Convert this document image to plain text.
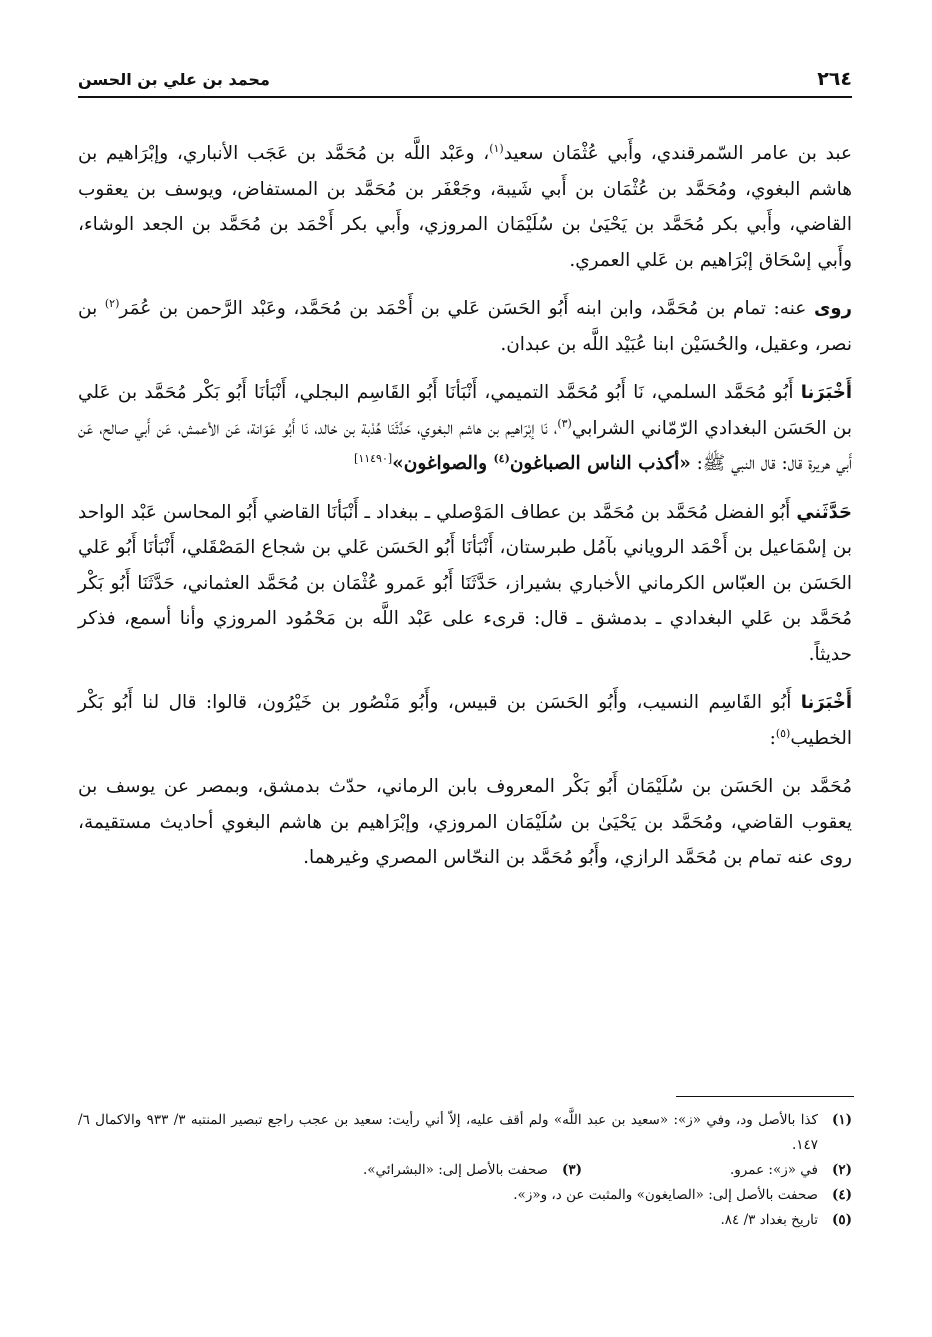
٢٦٤
محمد بن علي بن الحسن

عبد بن عامر السّمرقندي، وأَبي عُثْمَان سعيد$^{(١)}$، وعَبْد اللَّه بن مُحَمَّد بن عَجَب الأنباري، وإبْرَاهيم بن هاشم البغوي، ومُحَمَّد بن عُثْمَان بن أَبي شَيبة، وجَعْفَر بن مُحَمَّد بن المستفاض، ويوسف بن يعقوب القاضي، وأَبي بكر مُحَمَّد بن يَحْيَىٰ بن سُلَيْمَان المروزي، وأَبي بكر أَحْمَد بن مُحَمَّد بن الجعد الوشاء، وأَبي إسْحَاق إبْرَاهيم بن عَلي العمري.

روى عنه: تمام بن مُحَمَّد، وابن ابنه أَبُو الحَسَن عَلي بن أَحْمَد بن مُحَمَّد، وعَبْد الرَّحمن بن عُمَر$^{(٢)}$ بن نصر، وعقيل، والحُسَيْن ابنا عُبَيْد اللَّه بن عبدان.

أَخْبَرَنا أَبُو مُحَمَّد السلمي، نَا أَبُو مُحَمَّد التميمي، أَنْبَأنَا أَبُو القَاسِم البجلي، أَنْبَأنَا أَبُو بَكْر مُحَمَّد بن عَلي بن الحَسَن البغدادي الرّمّاني الشرابي$^{(٣)}$، نَا إبْرَاهيم بن هاشم البغوي، حَدَّثَنَا هُدْبة بن خالد، نَا أَبُو عَوَانة، عَن الأعمش، عَن أَبي صالح، عَن أَبي هريرة قال: قال النبي ﷺ: «أكذب الناس الصباغون$^{(٤)}$ والصواغون»[١١٤٩٠]

حَدَّثَني أَبُو الفضل مُحَمَّد بن مُحَمَّد بن عطاف المَوْصلي ـ ببغداد ـ أَنْبَأنَا القاضي أَبُو المحاسن عَبْد الواحد بن إسْمَاعيل بن أَحْمَد الروياني بآمُل طبرستان، أَنْبَأنَا أَبُو الحَسَن عَلي بن شجاع المَصْقَلي، أَنْبَأنَا أَبُو عَلي الحَسَن بن العبّاس الكرماني الأخباري بشيراز، حَدَّثَنَا أَبُو عَمرو عُثْمَان بن مُحَمَّد العثماني، حَدَّثَنَا أَبُو بَكْر مُحَمَّد بن عَلي البغدادي ـ بدمشق ـ قال: قرىء على عَبْد اللَّه بن مَحْمُود المروزي وأنا أسمع، فذكر حديثاً.

أَخْبَرَنا أَبُو القَاسِم النسيب، وأَبُو الحَسَن بن قبيس، وأَبُو مَنْصُور بن خَيْرُون، قالوا: قال لنا أَبُو بَكْر الخطيب$^{(٥)}$:

مُحَمَّد بن الحَسَن بن سُلَيْمَان أَبُو بَكْر المعروف بابن الرماني، حدّث بدمشق، وبمصر عن يوسف بن يعقوب القاضي، ومُحَمَّد بن يَحْيَىٰ بن سُلَيْمَان المروزي، وإبْرَاهيم بن هاشم البغوي أحاديث مستقيمة، روى عنه تمام بن مُحَمَّد الرازي، وأَبُو مُحَمَّد بن النحّاس المصري وغيرهما.

(١)
كذا بالأصل ود، وفي «ز»: «سعيد بن عبد اللَّه» ولم أقف عليه، إلاّ أني رأيت: سعيد بن عجب راجع تبصير المنتبه ٣/ ٩٣٣ والاكمال ٦/ ١٤٧.
(٢)
في «ز»: عمرو.
(٣)
صحفت بالأصل إلى: «البشرائي».
(٤)
صحفت بالأصل إلى: «الصايغون» والمثبت عن د، و«ز».
(٥)
تاريخ بغداد ٣/ ٨٤.
